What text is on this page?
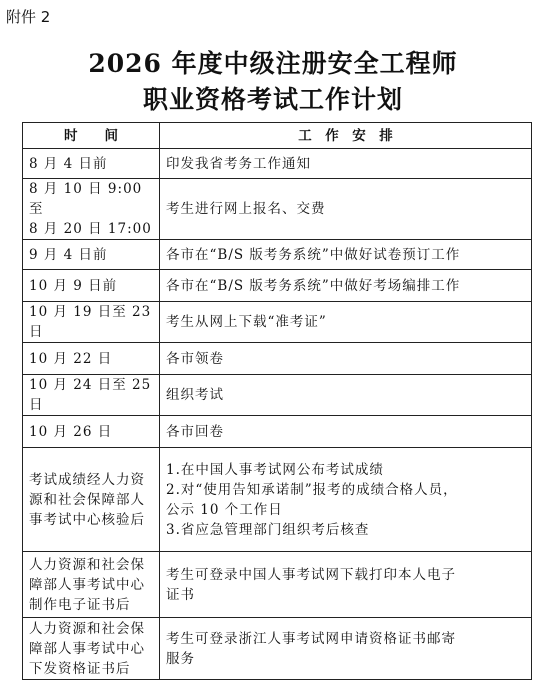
附件 2
2026 年度中级注册安全工程师
职业资格考试工作计划
时　　间	工　作　安　排

8 月 4 日前	印发我省考务工作通知

8 月 10 日 9:00 至
8 月 20 日 17:00	考生进行网上报名、交费

9 月 4 日前	各市在“B/S 版考务系统”中做好试卷预订工作

10 月 9 日前	各市在“B/S 版考务系统”中做好考场编排工作

10 月 19 日至 23 日	考生从网上下载“准考证”

10 月 22 日	各市领卷

10 月 24 日至 25 日	组织考试

10 月 26 日	各市回卷

考试成绩经人力资
源和社会保障部人
事考试中心核验后	1.在中国人事考试网公布考试成绩
2.对“使用告知承诺制”报考的成绩合格人员，
公示 10 个工作日
3.省应急管理部门组织考后核查

人力资源和社会保
障部人事考试中心
制作电子证书后	考生可登录中国人事考试网下载打印本人电子
证书

人力资源和社会保
障部人事考试中心
下发资格证书后	考生可登录浙江人事考试网申请资格证书邮寄
服务
